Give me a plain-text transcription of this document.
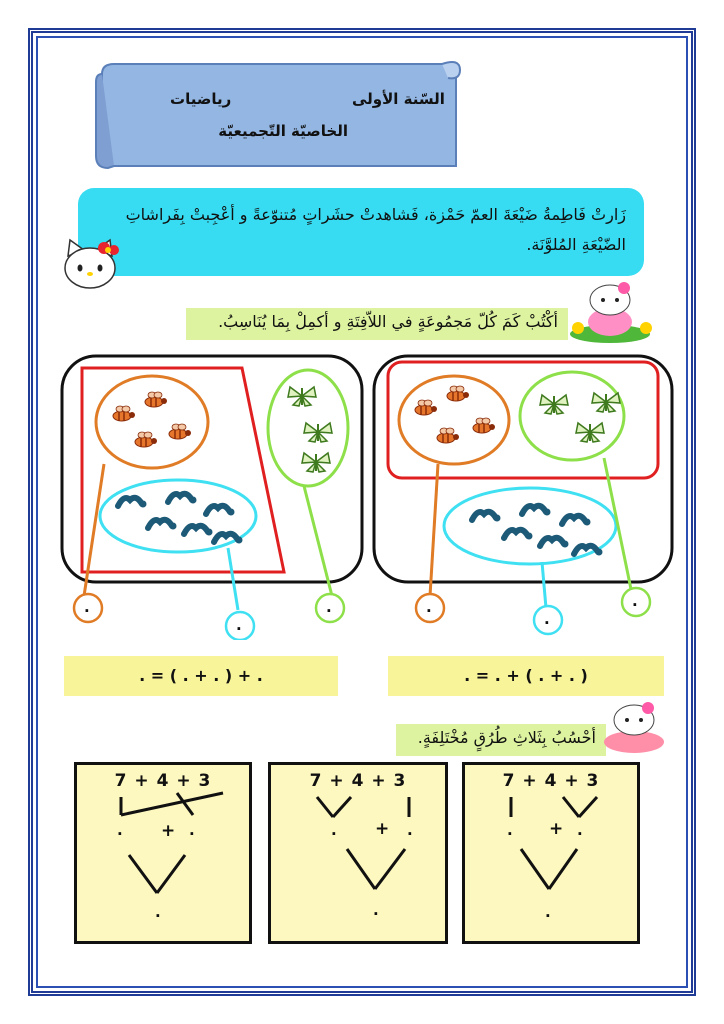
السّنة الأولى
رياضيات
الخاصيّة التّجميعيّة
زَارتْ فَاطِمةُ ضَيْعَةَ العمّ حَمْزة، فَشاهدتْ حشَراتٍ مُتنوّعةً و أعْجِبتْ بِفَراشاتِ الضّيْعَةِ المُلوَّنَة.
أكْتُبْ كَمَ كُلّ مَجمُوعَةٍ في اللاّفِتَةِ و أكمِلْ بِمَا يُنَاسِبُ.
.
.
.	.
.
.
. = ( . + . ) + .	. = . + ( . + . )
أحْسُبُ بِثَلاثِ طُرُقٍ مُخْتَلِفَةٍ.
7 + 4 + 3
. + .
.
7 + 4 + 3
. + .
.
7 + 4 + 3
. + .
.
